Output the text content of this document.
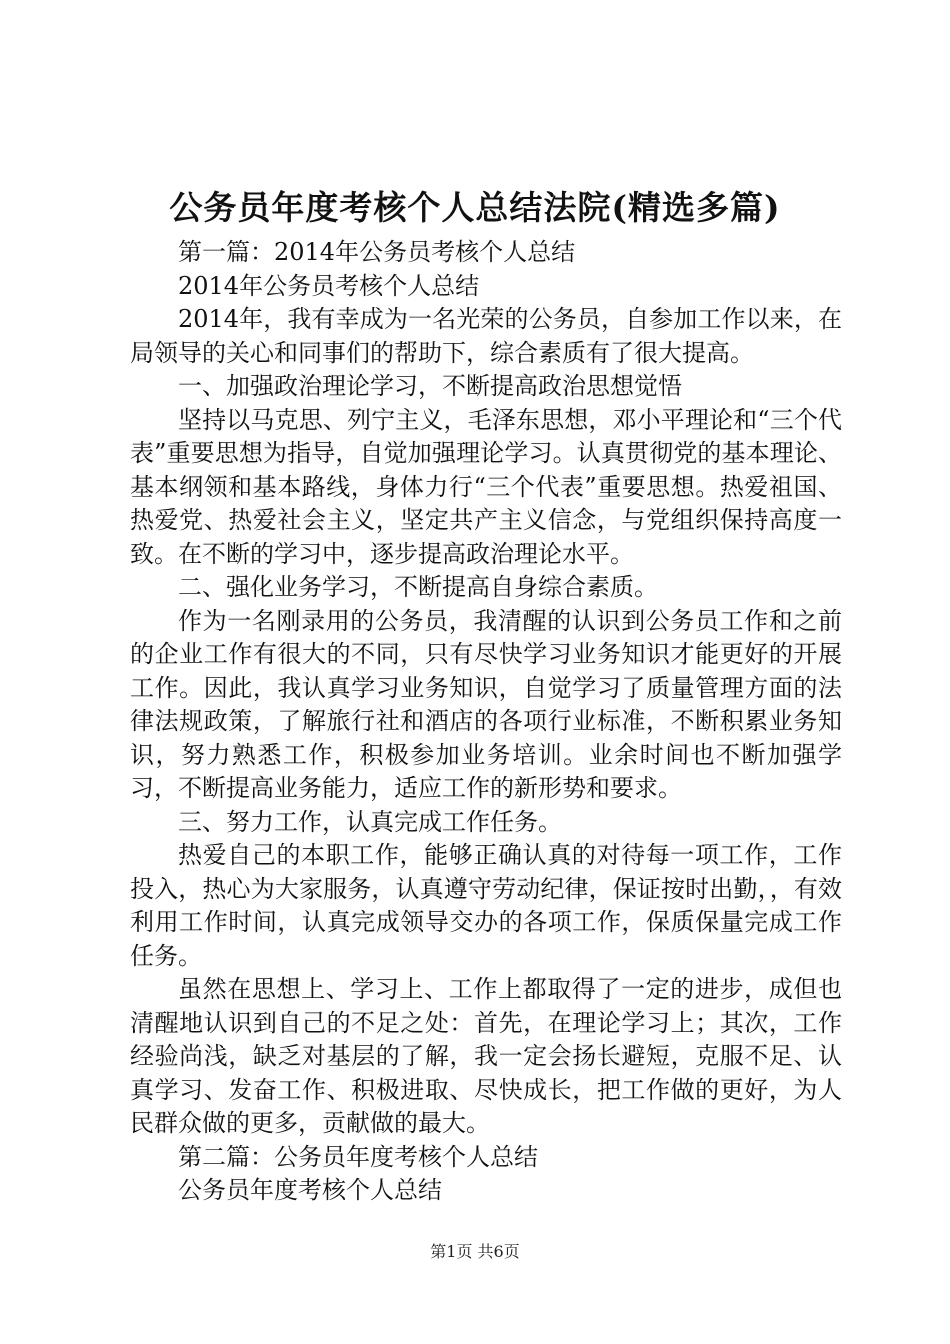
公务员年度考核个人总结法院(精选多篇)

第一篇：2014年公务员考核个人总结

2014年公务员考核个人总结

2014年，我有幸成为一名光荣的公务员，自参加工作以来，在局领导的关心和同事们的帮助下，综合素质有了很大提高。

一、加强政治理论学习，不断提高政治思想觉悟

坚持以马克思、列宁主义，毛泽东思想，邓小平理论和“三个代表”重要思想为指导，自觉加强理论学习。认真贯彻党的基本理论、基本纲领和基本路线，身体力行“三个代表”重要思想。热爱祖国、热爱党、热爱社会主义，坚定共产主义信念，与党组织保持高度一致。在不断的学习中，逐步提高政治理论水平。

二、强化业务学习，不断提高自身综合素质。

作为一名刚录用的公务员，我清醒的认识到公务员工作和之前的企业工作有很大的不同，只有尽快学习业务知识才能更好的开展工作。因此，我认真学习业务知识，自觉学习了质量管理方面的法律法规政策，了解旅行社和酒店的各项行业标准，不断积累业务知识，努力熟悉工作，积极参加业务培训。业余时间也不断加强学习，不断提高业务能力，适应工作的新形势和要求。

三、努力工作，认真完成工作任务。

热爱自己的本职工作，能够正确认真的对待每一项工作，工作投入，热心为大家服务，认真遵守劳动纪律，保证按时出勤，，有效利用工作时间，认真完成领导交办的各项工作，保质保量完成工作任务。

虽然在思想上、学习上、工作上都取得了一定的进步，成但也清醒地认识到自己的不足之处：首先，在理论学习上；其次，工作经验尚浅，缺乏对基层的了解，我一定会扬长避短，克服不足、认真学习、发奋工作、积极进取、尽快成长，把工作做的更好，为人民群众做的更多，贡献做的最大。

第二篇：公务员年度考核个人总结

公务员年度考核个人总结

第1页 共6页
